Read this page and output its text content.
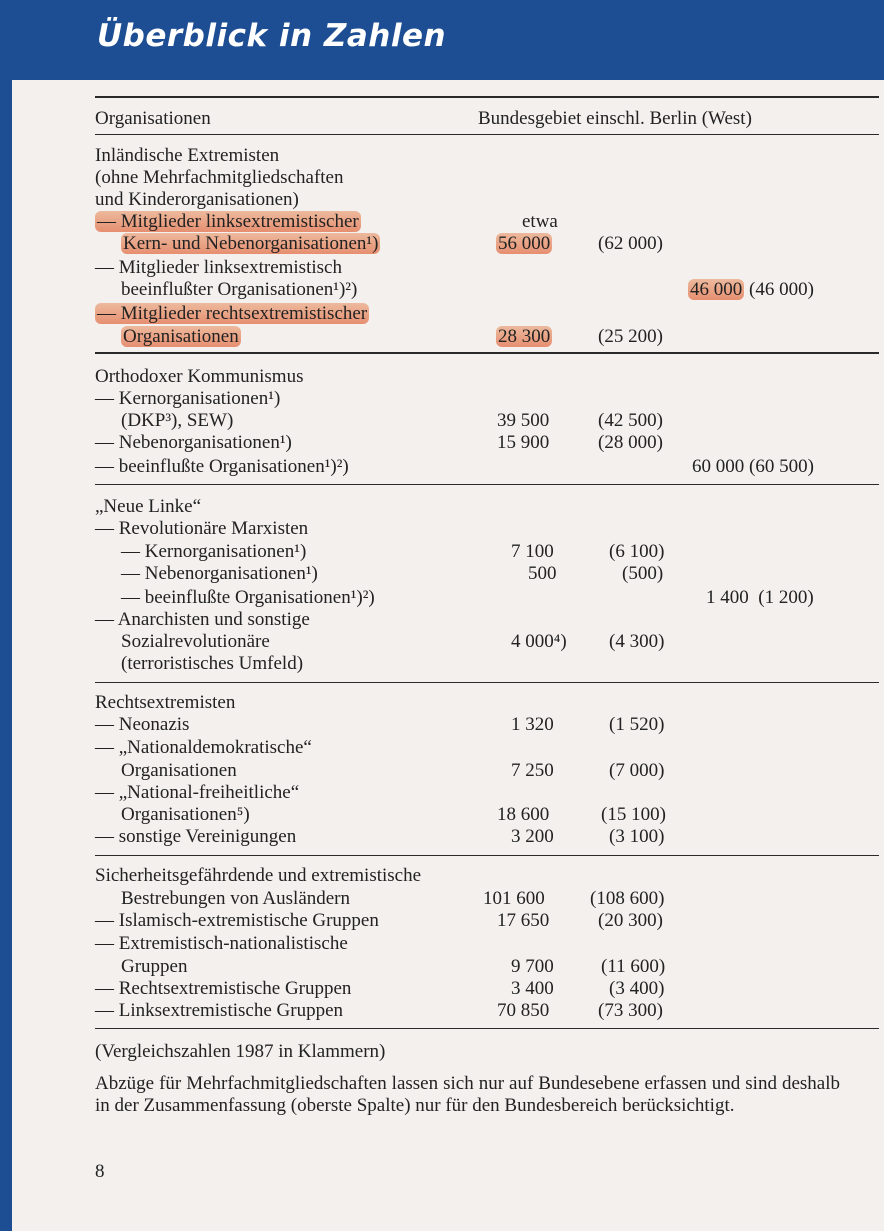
Überblick in Zahlen
Organisationen	Bundesgebiet einschl. Berlin (West)
Inländische Extremisten
(ohne Mehrfachmitgliedschaften
und Kinderorganisationen)
— Mitglieder linksextremistischer	etwa
Kern- und Nebenorganisationen¹)	56 000	(62 000)
— Mitglieder linksextremistisch
beeinflußter Organisationen¹)²)	46 000 (46 000)
— Mitglieder rechtsextremistischer
Organisationen	28 300	(25 200)
Orthodoxer Kommunismus
— Kernorganisationen¹)
(DKP³), SEW)	39 500	(42 500)
— Nebenorganisationen¹)	15 900	(28 000)
— beeinflußte Organisationen¹)²)	60 000 (60 500)
„Neue Linke“
— Revolutionäre Marxisten
— Kernorganisationen¹)	7 100	(6 100)
— Nebenorganisationen¹)	500	(500)
— beeinflußte Organisationen¹)²)	1 400 (1 200)
— Anarchisten und sonstige
Sozialrevolutionäre	4 000⁴) (4 300)
(terroristisches Umfeld)
Rechtsextremisten
— Neonazis	1 320	(1 520)
— „Nationaldemokratische“
Organisationen	7 250	(7 000)
— „National-freiheitliche“
Organisationen⁵)	18 600	(15 100)
— sonstige Vereinigungen	3 200	(3 100)
Sicherheitsgefährdende und extremistische
Bestrebungen von Ausländern	101 600 (108 600)
— Islamisch-extremistische Gruppen	17 650	(20 300)
— Extremistisch-nationalistische
Gruppen	9 700 (11 600)
— Rechtsextremistische Gruppen	3 400	(3 400)
— Linksextremistische Gruppen	70 850	(73 300)
(Vergleichszahlen 1987 in Klammern)
Abzüge für Mehrfachmitgliedschaften lassen sich nur auf Bundesebene erfassen und sind deshalb in der Zusammenfassung (oberste Spalte) nur für den Bundesbereich berücksichtigt.
8
